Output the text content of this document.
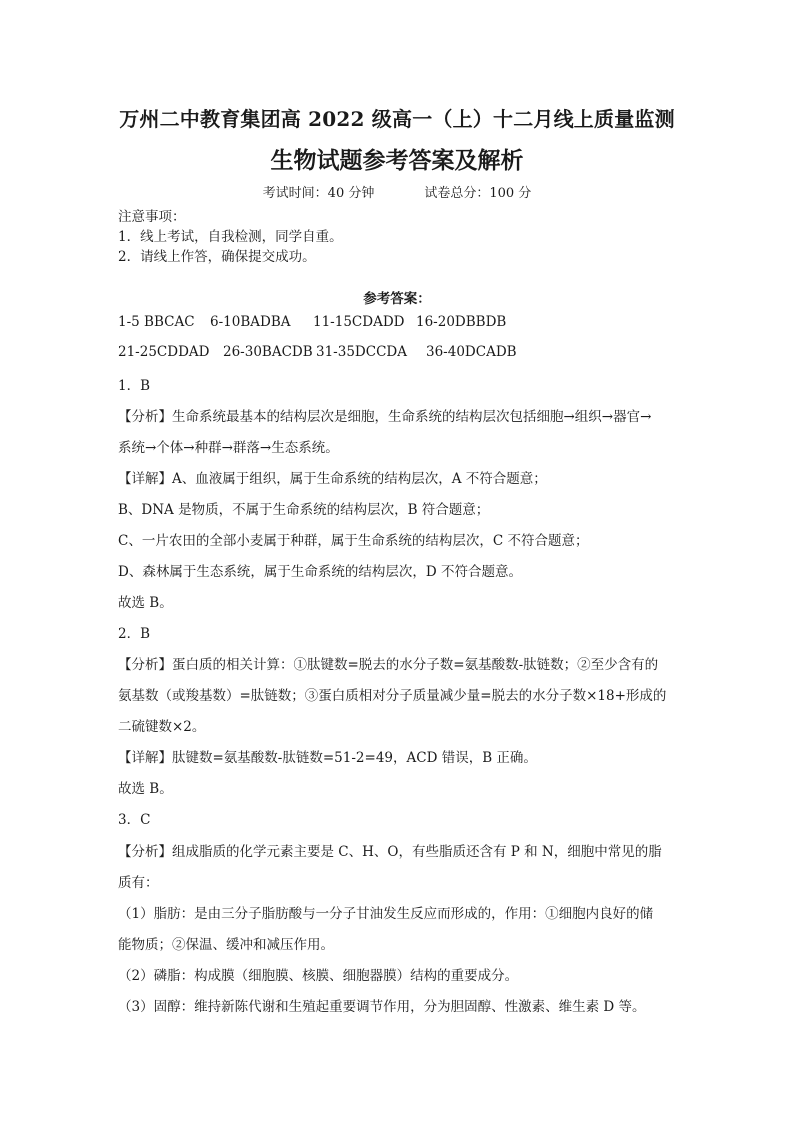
万州二中教育集团高 2022 级高一（上）十二月线上质量监测
生物试题参考答案及解析
考试时间：40 分钟	试卷总分：100 分
注意事项：
1．线上考试，自我检测，同学自重。
2．请线上作答，确保提交成功。
参考答案：
1-5 BBCAC 6-10BADBA 11-15CDADD 16-20DBBDB
21-25CDDAD 26-30BACDB 31-35DCCDA 36-40DCADB
1．B
【分析】生命系统最基本的结构层次是细胞，生命系统的结构层次包括细胞→组织→器官→
系统→个体→种群→群落→生态系统。
【详解】A、血液属于组织，属于生命系统的结构层次，A 不符合题意；
B、DNA 是物质，不属于生命系统的结构层次，B 符合题意；
C、一片农田的全部小麦属于种群，属于生命系统的结构层次，C 不符合题意；
D、森林属于生态系统，属于生命系统的结构层次，D 不符合题意。
故选 B。
2．B
【分析】蛋白质的相关计算：①肽键数=脱去的水分子数=氨基酸数-肽链数；②至少含有的
氨基数（或羧基数）=肽链数；③蛋白质相对分子质量减少量=脱去的水分子数×18+形成的
二硫键数×2。
【详解】肽键数=氨基酸数-肽链数=51-2=49，ACD 错误，B 正确。
故选 B。
3．C
【分析】组成脂质的化学元素主要是 C、H、O，有些脂质还含有 P 和 N，细胞中常见的脂
质有：
（1）脂肪：是由三分子脂肪酸与一分子甘油发生反应而形成的，作用：①细胞内良好的储
能物质；②保温、缓冲和减压作用。
（2）磷脂：构成膜（细胞膜、核膜、细胞器膜）结构的重要成分。
（3）固醇：维持新陈代谢和生殖起重要调节作用，分为胆固醇、性激素、维生素 D 等。
